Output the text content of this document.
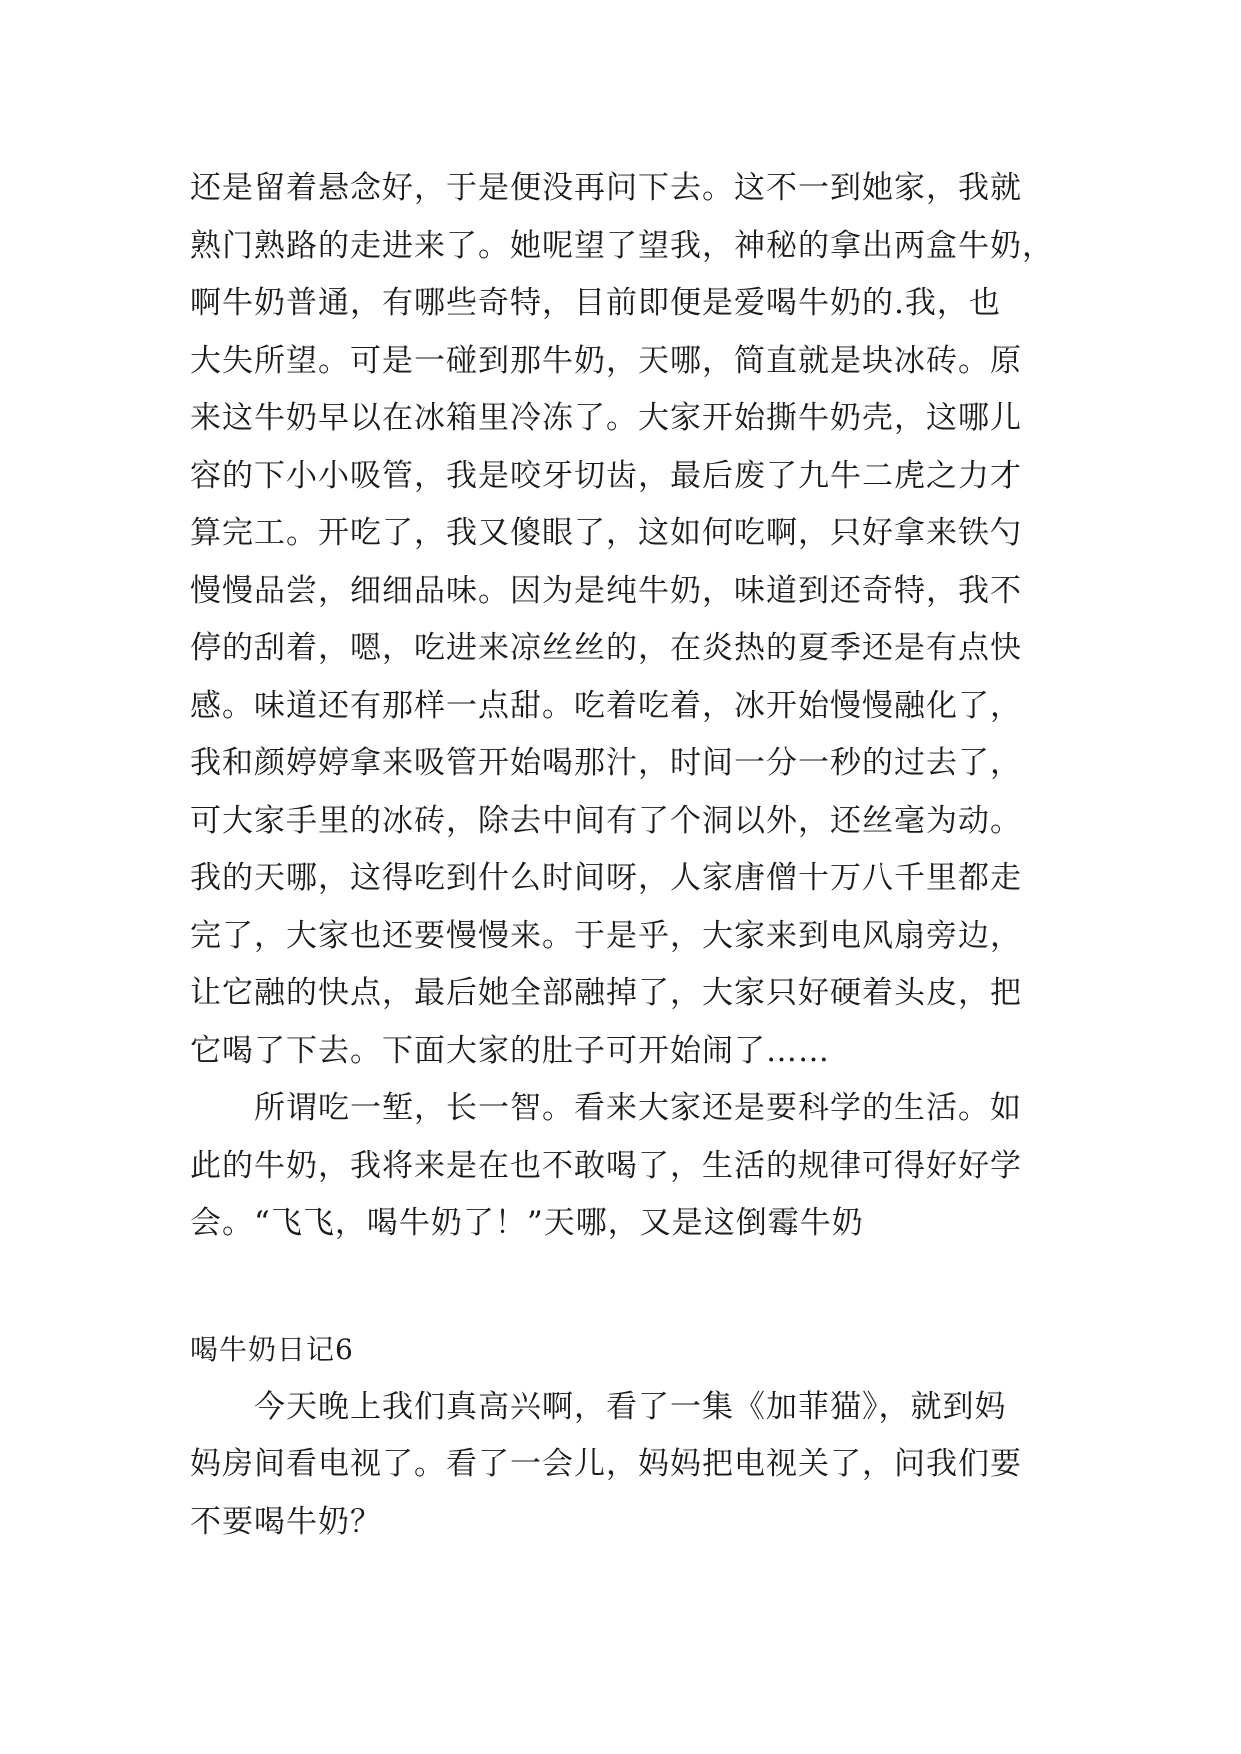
还是留着悬念好，于是便没再问下去。这不一到她家，我就
熟门熟路的走进来了。她呢望了望我，神秘的拿出两盒牛奶，
啊牛奶普通，有哪些奇特，目前即便是爱喝牛奶的.我，也
大失所望。可是一碰到那牛奶，天哪，简直就是块冰砖。原
来这牛奶早以在冰箱里冷冻了。大家开始撕牛奶壳，这哪儿
容的下小小吸管，我是咬牙切齿，最后废了九牛二虎之力才
算完工。开吃了，我又傻眼了，这如何吃啊，只好拿来铁勺
慢慢品尝，细细品味。因为是纯牛奶，味道到还奇特，我不
停的刮着，嗯，吃进来凉丝丝的，在炎热的夏季还是有点快
感。味道还有那样一点甜。吃着吃着，冰开始慢慢融化了，
我和颜婷婷拿来吸管开始喝那汁，时间一分一秒的过去了，
可大家手里的冰砖，除去中间有了个洞以外，还丝毫为动。
我的天哪，这得吃到什么时间呀，人家唐僧十万八千里都走
完了，大家也还要慢慢来。于是乎，大家来到电风扇旁边，
让它融的快点，最后她全部融掉了，大家只好硬着头皮，把
它喝了下去。下面大家的肚子可开始闹了……
所谓吃一堑，长一智。看来大家还是要科学的生活。如
此的牛奶，我将来是在也不敢喝了，生活的规律可得好好学
会。“飞飞，喝牛奶了！”天哪，又是这倒霉牛奶
喝牛奶日记6
今天晚上我们真高兴啊，看了一集《加菲猫》，就到妈
妈房间看电视了。看了一会儿，妈妈把电视关了，问我们要
不要喝牛奶？
